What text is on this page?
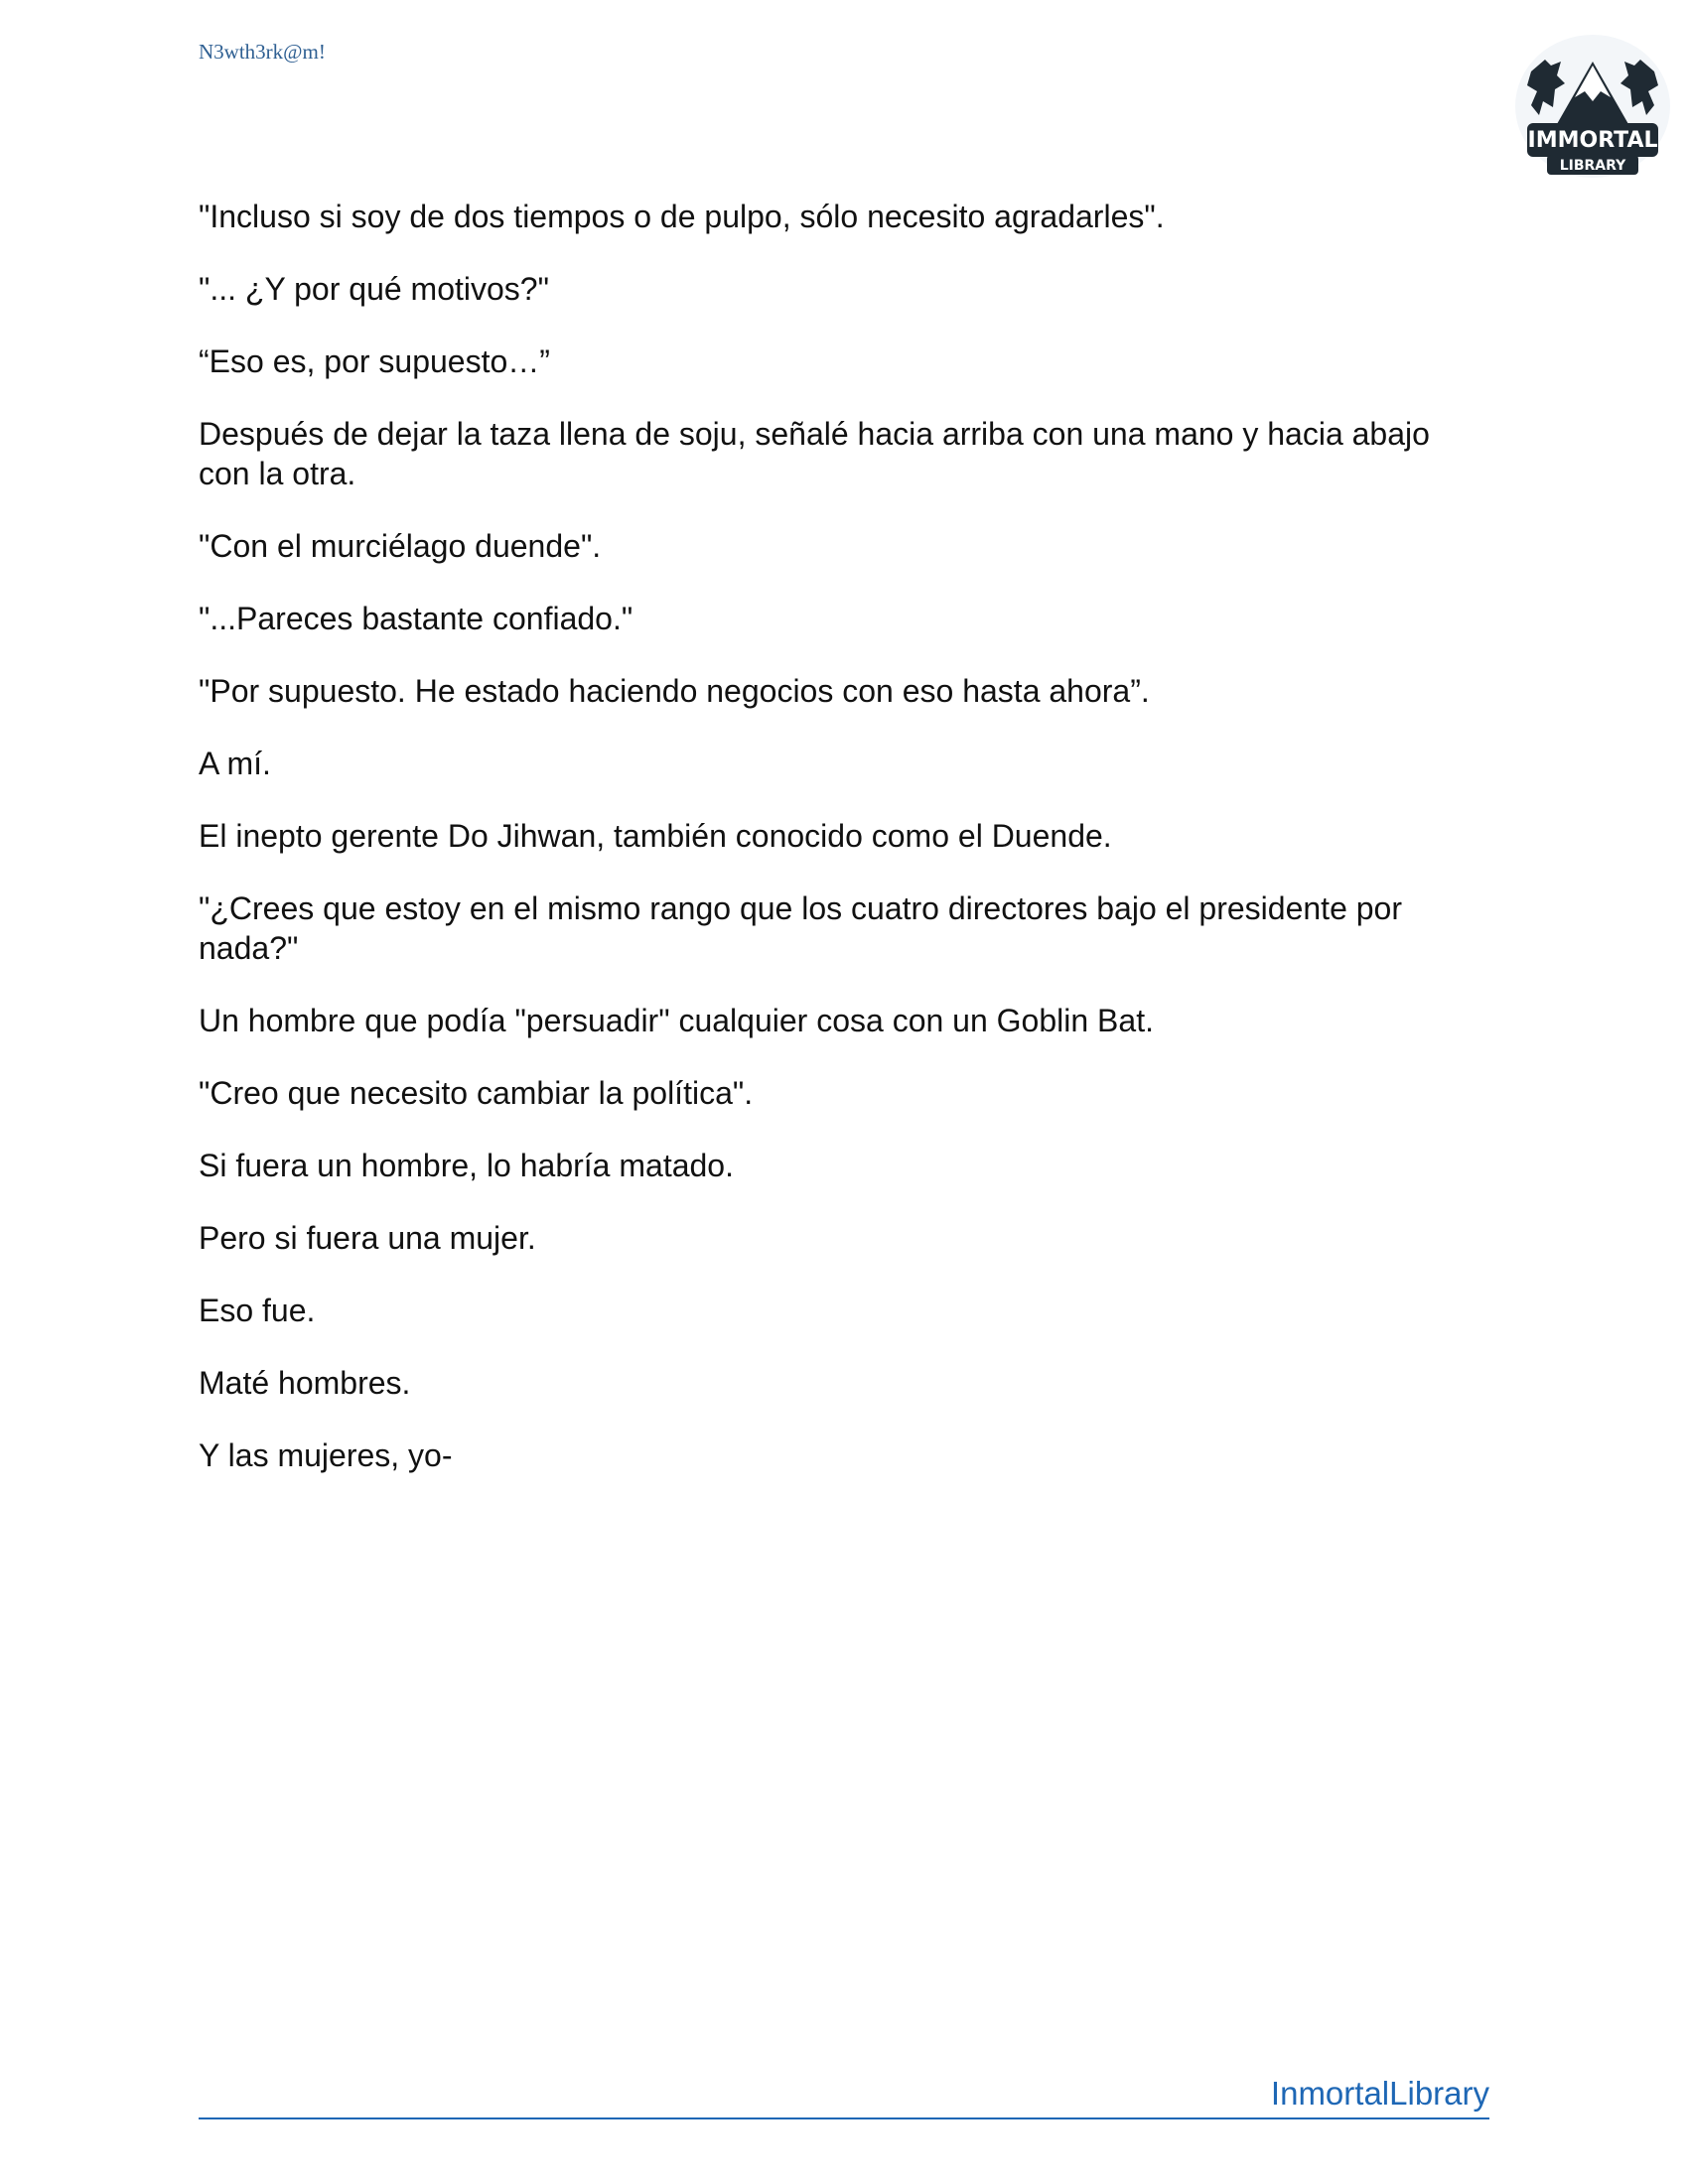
N3wth3rk@m!
IMMORTAL
LIBRARY

"Incluso si soy de dos tiempos o de pulpo, sólo necesito agradarles".

"... ¿Y por qué motivos?"

“Eso es, por supuesto…”

Después de dejar la taza llena de soju, señalé hacia arriba con una mano y hacia abajo con la otra.

"Con el murciélago duende".

"...Pareces bastante confiado."

"Por supuesto. He estado haciendo negocios con eso hasta ahora”.

A mí.

El inepto gerente Do Jihwan, también conocido como el Duende.

"¿Crees que estoy en el mismo rango que los cuatro directores bajo el presidente por nada?"

Un hombre que podía "persuadir" cualquier cosa con un Goblin Bat.

"Creo que necesito cambiar la política".

Si fuera un hombre, lo habría matado.

Pero si fuera una mujer.

Eso fue.

Maté hombres.

Y las mujeres, yo-

InmortalLibrary
